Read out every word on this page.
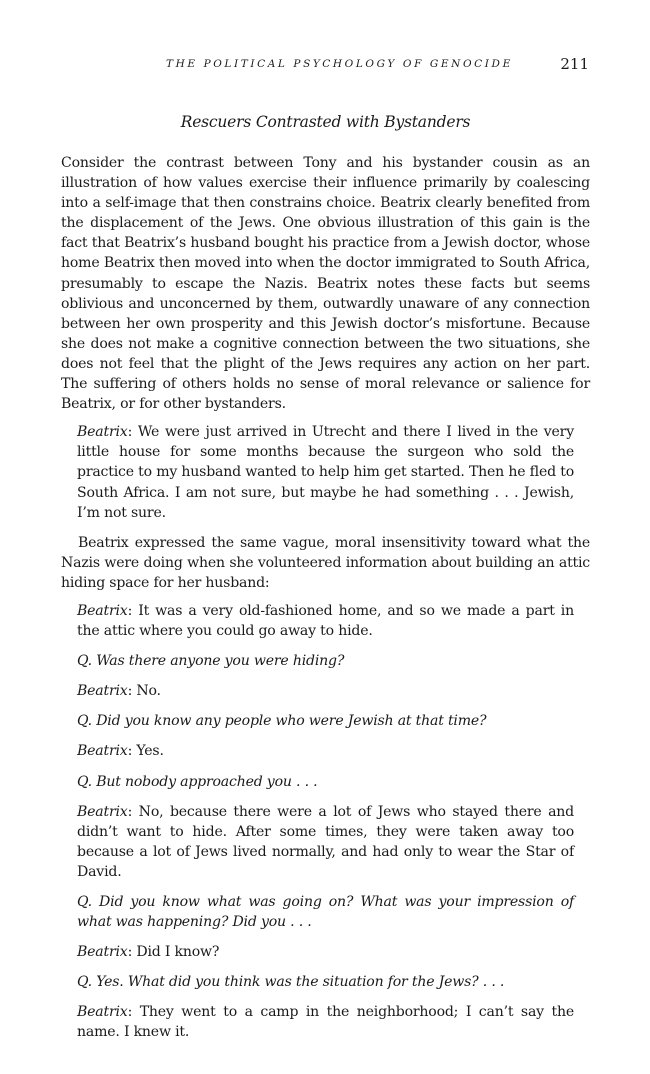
THE POLITICAL PSYCHOLOGY OF GENOCIDE	211
Rescuers Contrasted with Bystanders

Consider the contrast between Tony and his bystander cousin as an illustration of how values exercise their influence primarily by coalescing into a self-image that then constrains choice. Beatrix clearly benefited from the displacement of the Jews. One obvious illustration of this gain is the fact that Beatrix’s husband bought his practice from a Jewish doctor, whose home Beatrix then moved into when the doctor immigrated to South Africa, presumably to escape the Nazis. Beatrix notes these facts but seems oblivious and unconcerned by them, outwardly unaware of any connection between her own prosperity and this Jewish doctor’s misfortune. Because she does not make a cognitive connection between the two situations, she does not feel that the plight of the Jews requires any action on her part. The suffering of others holds no sense of moral relevance or salience for Beatrix, or for other bystanders.

Beatrix: We were just arrived in Utrecht and there I lived in the very little house for some months because the surgeon who sold the practice to my husband wanted to help him get started. Then he fled to South Africa. I am not sure, but maybe he had something . . . Jewish, I’m not sure.

Beatrix expressed the same vague, moral insensitivity toward what the Nazis were doing when she volunteered information about building an attic hiding space for her husband:

Beatrix: It was a very old-fashioned home, and so we made a part in the attic where you could go away to hide.

Q. Was there anyone you were hiding?

Beatrix: No.

Q. Did you know any people who were Jewish at that time?

Beatrix: Yes.

Q. But nobody approached you . . .

Beatrix: No, because there were a lot of Jews who stayed there and didn’t want to hide. After some times, they were taken away too because a lot of Jews lived normally, and had only to wear the Star of David.

Q. Did you know what was going on? What was your impression of what was happening? Did you . . .

Beatrix: Did I know?

Q. Yes. What did you think was the situation for the Jews? . . .

Beatrix: They went to a camp in the neighborhood; I can’t say the name. I knew it.
